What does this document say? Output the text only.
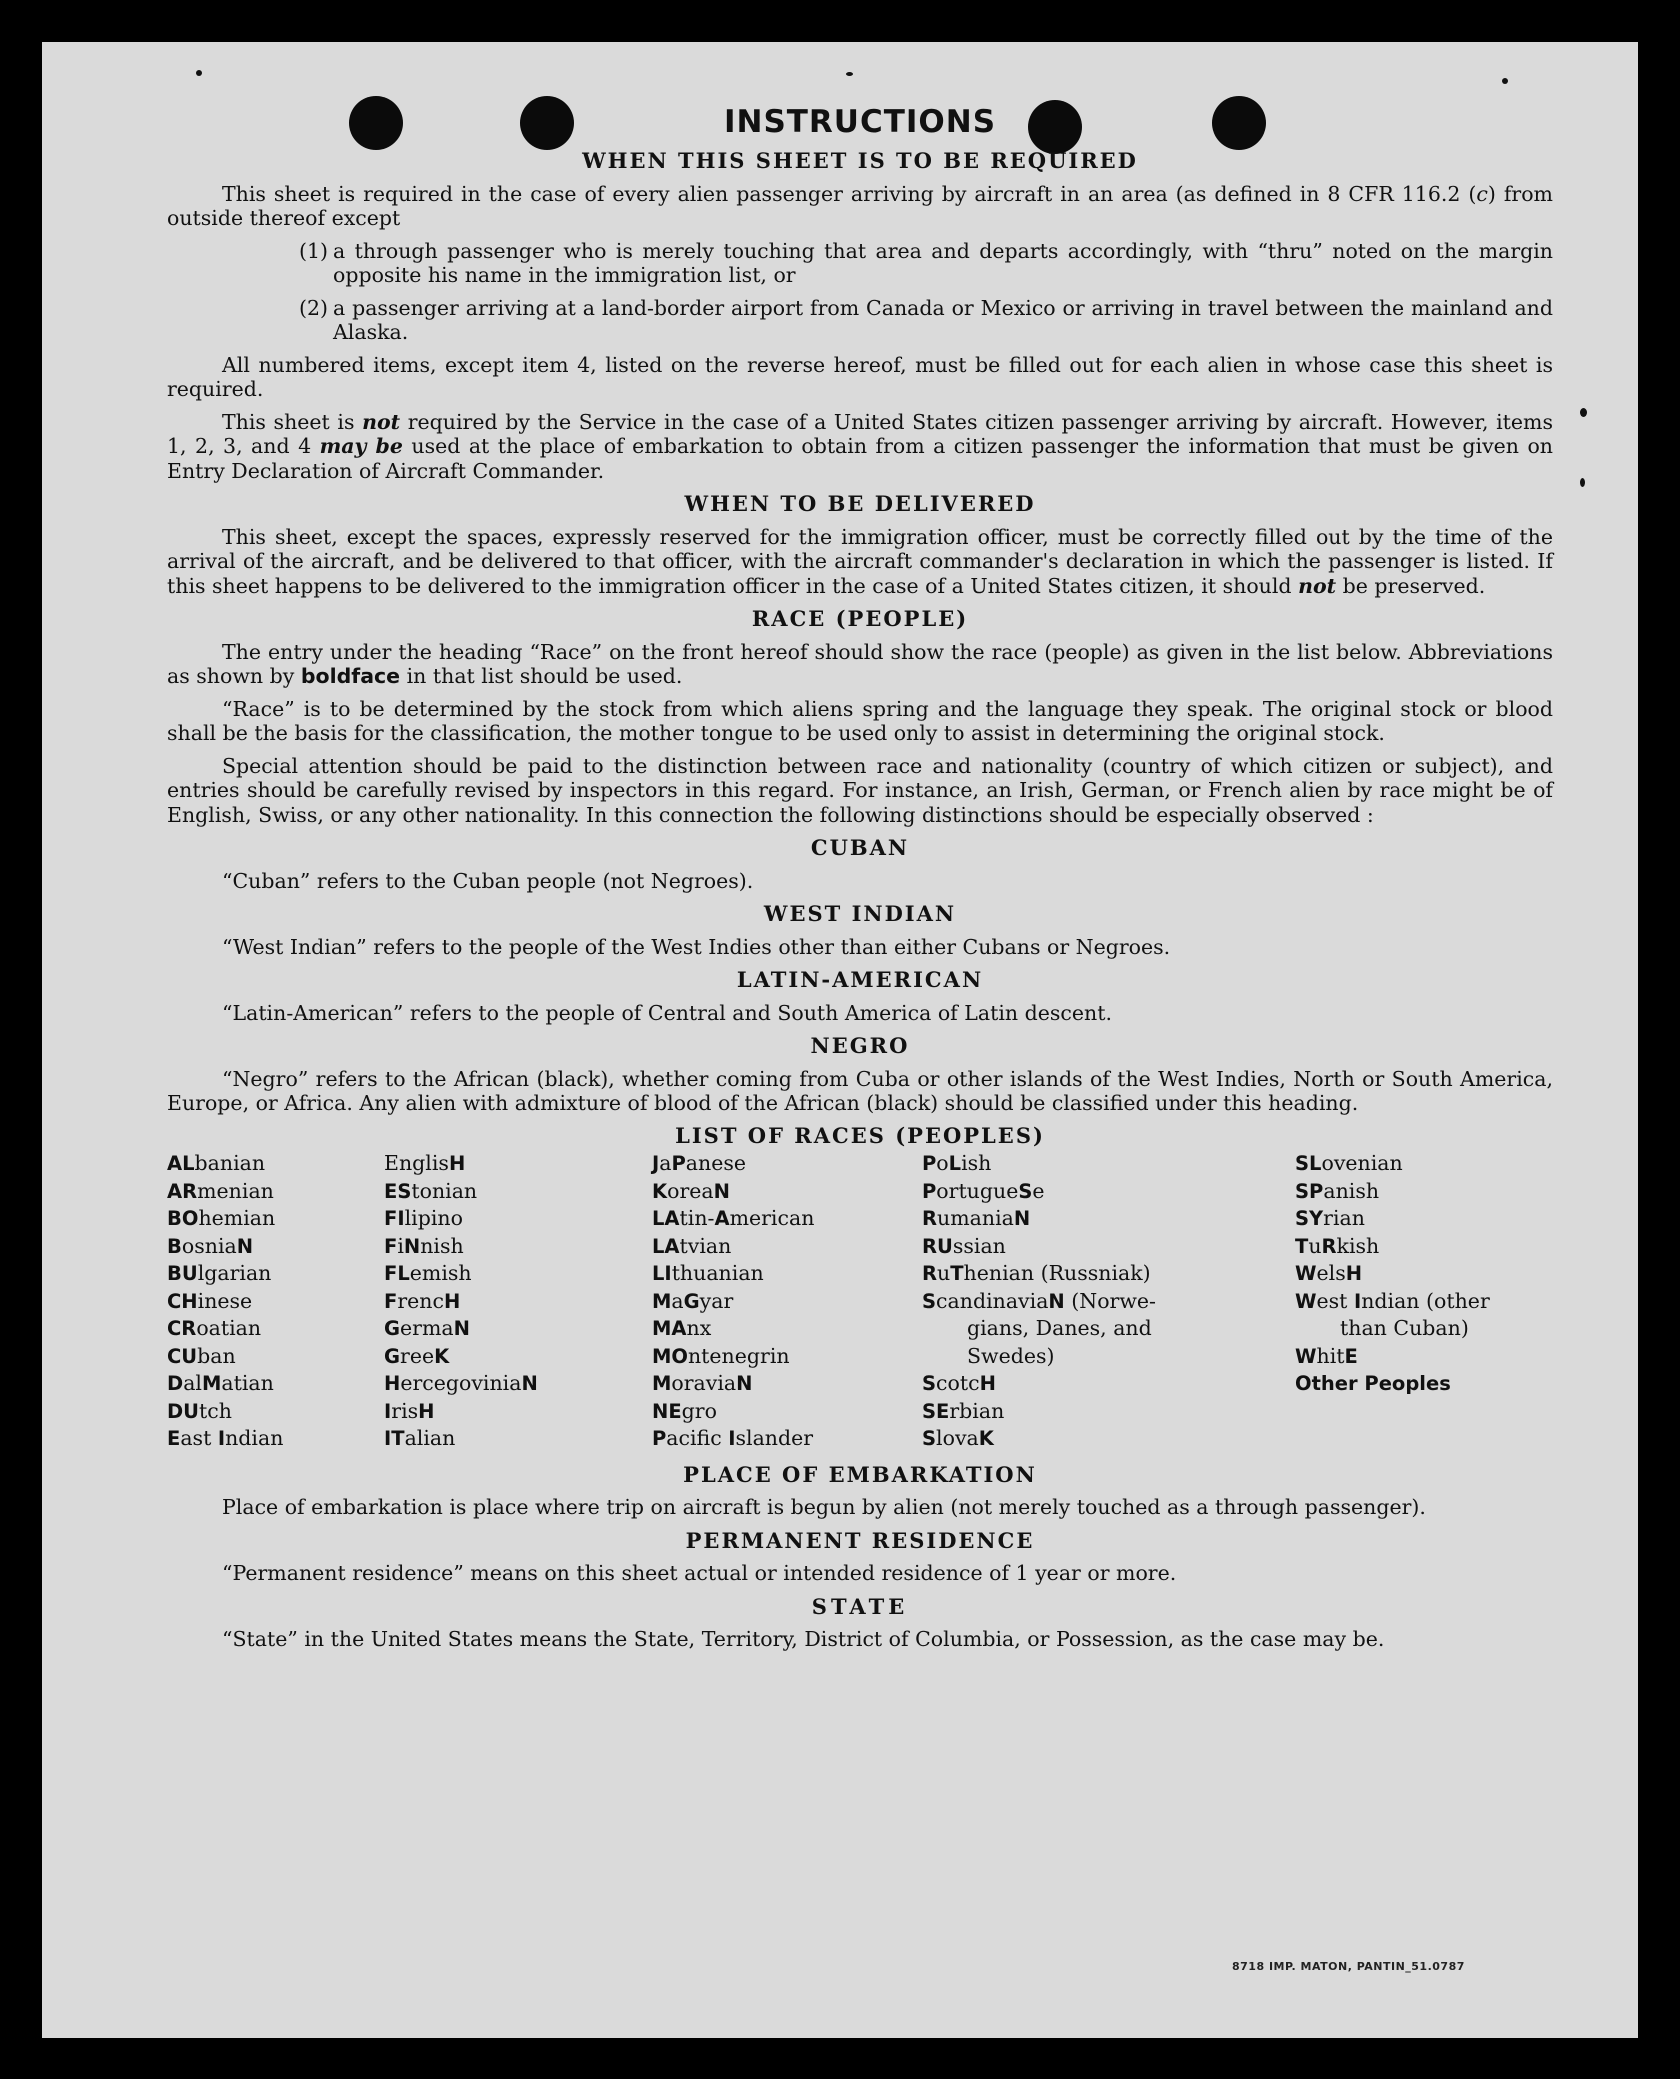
INSTRUCTIONS
WHEN THIS SHEET IS TO BE REQUIRED

This sheet is required in the case of every alien passenger arriving by aircraft in an area (as defined in 8 CFR 116.2 (c) from outside thereof except

(1) a through passenger who is merely touching that area and departs accordingly, with “thru” noted on the margin opposite his name in the immigration list, or

(2) a passenger arriving at a land-border airport from Canada or Mexico or arriving in travel between the mainland and Alaska.

All numbered items, except item 4, listed on the reverse hereof, must be filled out for each alien in whose case this sheet is required.

This sheet is not required by the Service in the case of a United States citizen passenger arriving by aircraft. However, items 1, 2, 3, and 4 may be used at the place of embarkation to obtain from a citizen passenger the information that must be given on Entry Declaration of Aircraft Commander.

WHEN TO BE DELIVERED

This sheet, except the spaces, expressly reserved for the immigration officer, must be correctly filled out by the time of the arrival of the aircraft, and be delivered to that officer, with the aircraft commander's declaration in which the passenger is listed. If this sheet happens to be delivered to the immigration officer in the case of a United States citizen, it should not be preserved.

RACE (PEOPLE)

The entry under the heading “Race” on the front hereof should show the race (people) as given in the list below. Abbreviations as shown by boldface in that list should be used.

“Race” is to be determined by the stock from which aliens spring and the language they speak. The original stock or blood shall be the basis for the classification, the mother tongue to be used only to assist in determining the original stock.

Special attention should be paid to the distinction between race and nationality (country of which citizen or subject), and entries should be carefully revised by inspectors in this regard. For instance, an Irish, German, or French alien by race might be of English, Swiss, or any other nationality. In this connection the following distinctions should be especially observed :

CUBAN

“Cuban” refers to the Cuban people (not Negroes).

WEST INDIAN

“West Indian” refers to the people of the West Indies other than either Cubans or Negroes.

LATIN-AMERICAN

“Latin-American” refers to the people of Central and South America of Latin descent.

NEGRO

“Negro” refers to the African (black), whether coming from Cuba or other islands of the West Indies, North or South America, Europe, or Africa. Any alien with admixture of blood of the African (black) should be classified under this heading.

LIST OF RACES (PEOPLES)
ALbanian
ARmenian
BOhemian
BosniaN
BUlgarian
CHinese
CRoatian
CUban
DalMatian
DUtch
East Indian
EnglisH
EStonian
FIlipino
FiNnish
FLemish
FrencH
GermaN
GreeK
HercegoviniaN
IrisH
ITalian
JaPanese
KoreaN
LAtin-American
LAtvian
LIthuanian
MaGyar
MAnx
MOntenegrin
MoraviaN
NEgro
Pacific Islander
PoLish
PortugueSe
RumaniaN
RUssian
RuThenian (Russniak)
ScandinaviaN (Norwe-
gians, Danes, and
Swedes)
ScotcH
SErbian
SlovaK
SLovenian
SPanish
SYrian
TuRkish
WelsH
West Indian (other
than Cuban)
WhitE
Other Peoples
PLACE OF EMBARKATION

Place of embarkation is place where trip on aircraft is begun by alien (not merely touched as a through passenger).

PERMANENT RESIDENCE

“Permanent residence” means on this sheet actual or intended residence of 1 year or more.

STATE

“State” in the United States means the State, Territory, District of Columbia, or Possession, as the case may be.

8718 IMP. MATON, PANTIN_51.0787
